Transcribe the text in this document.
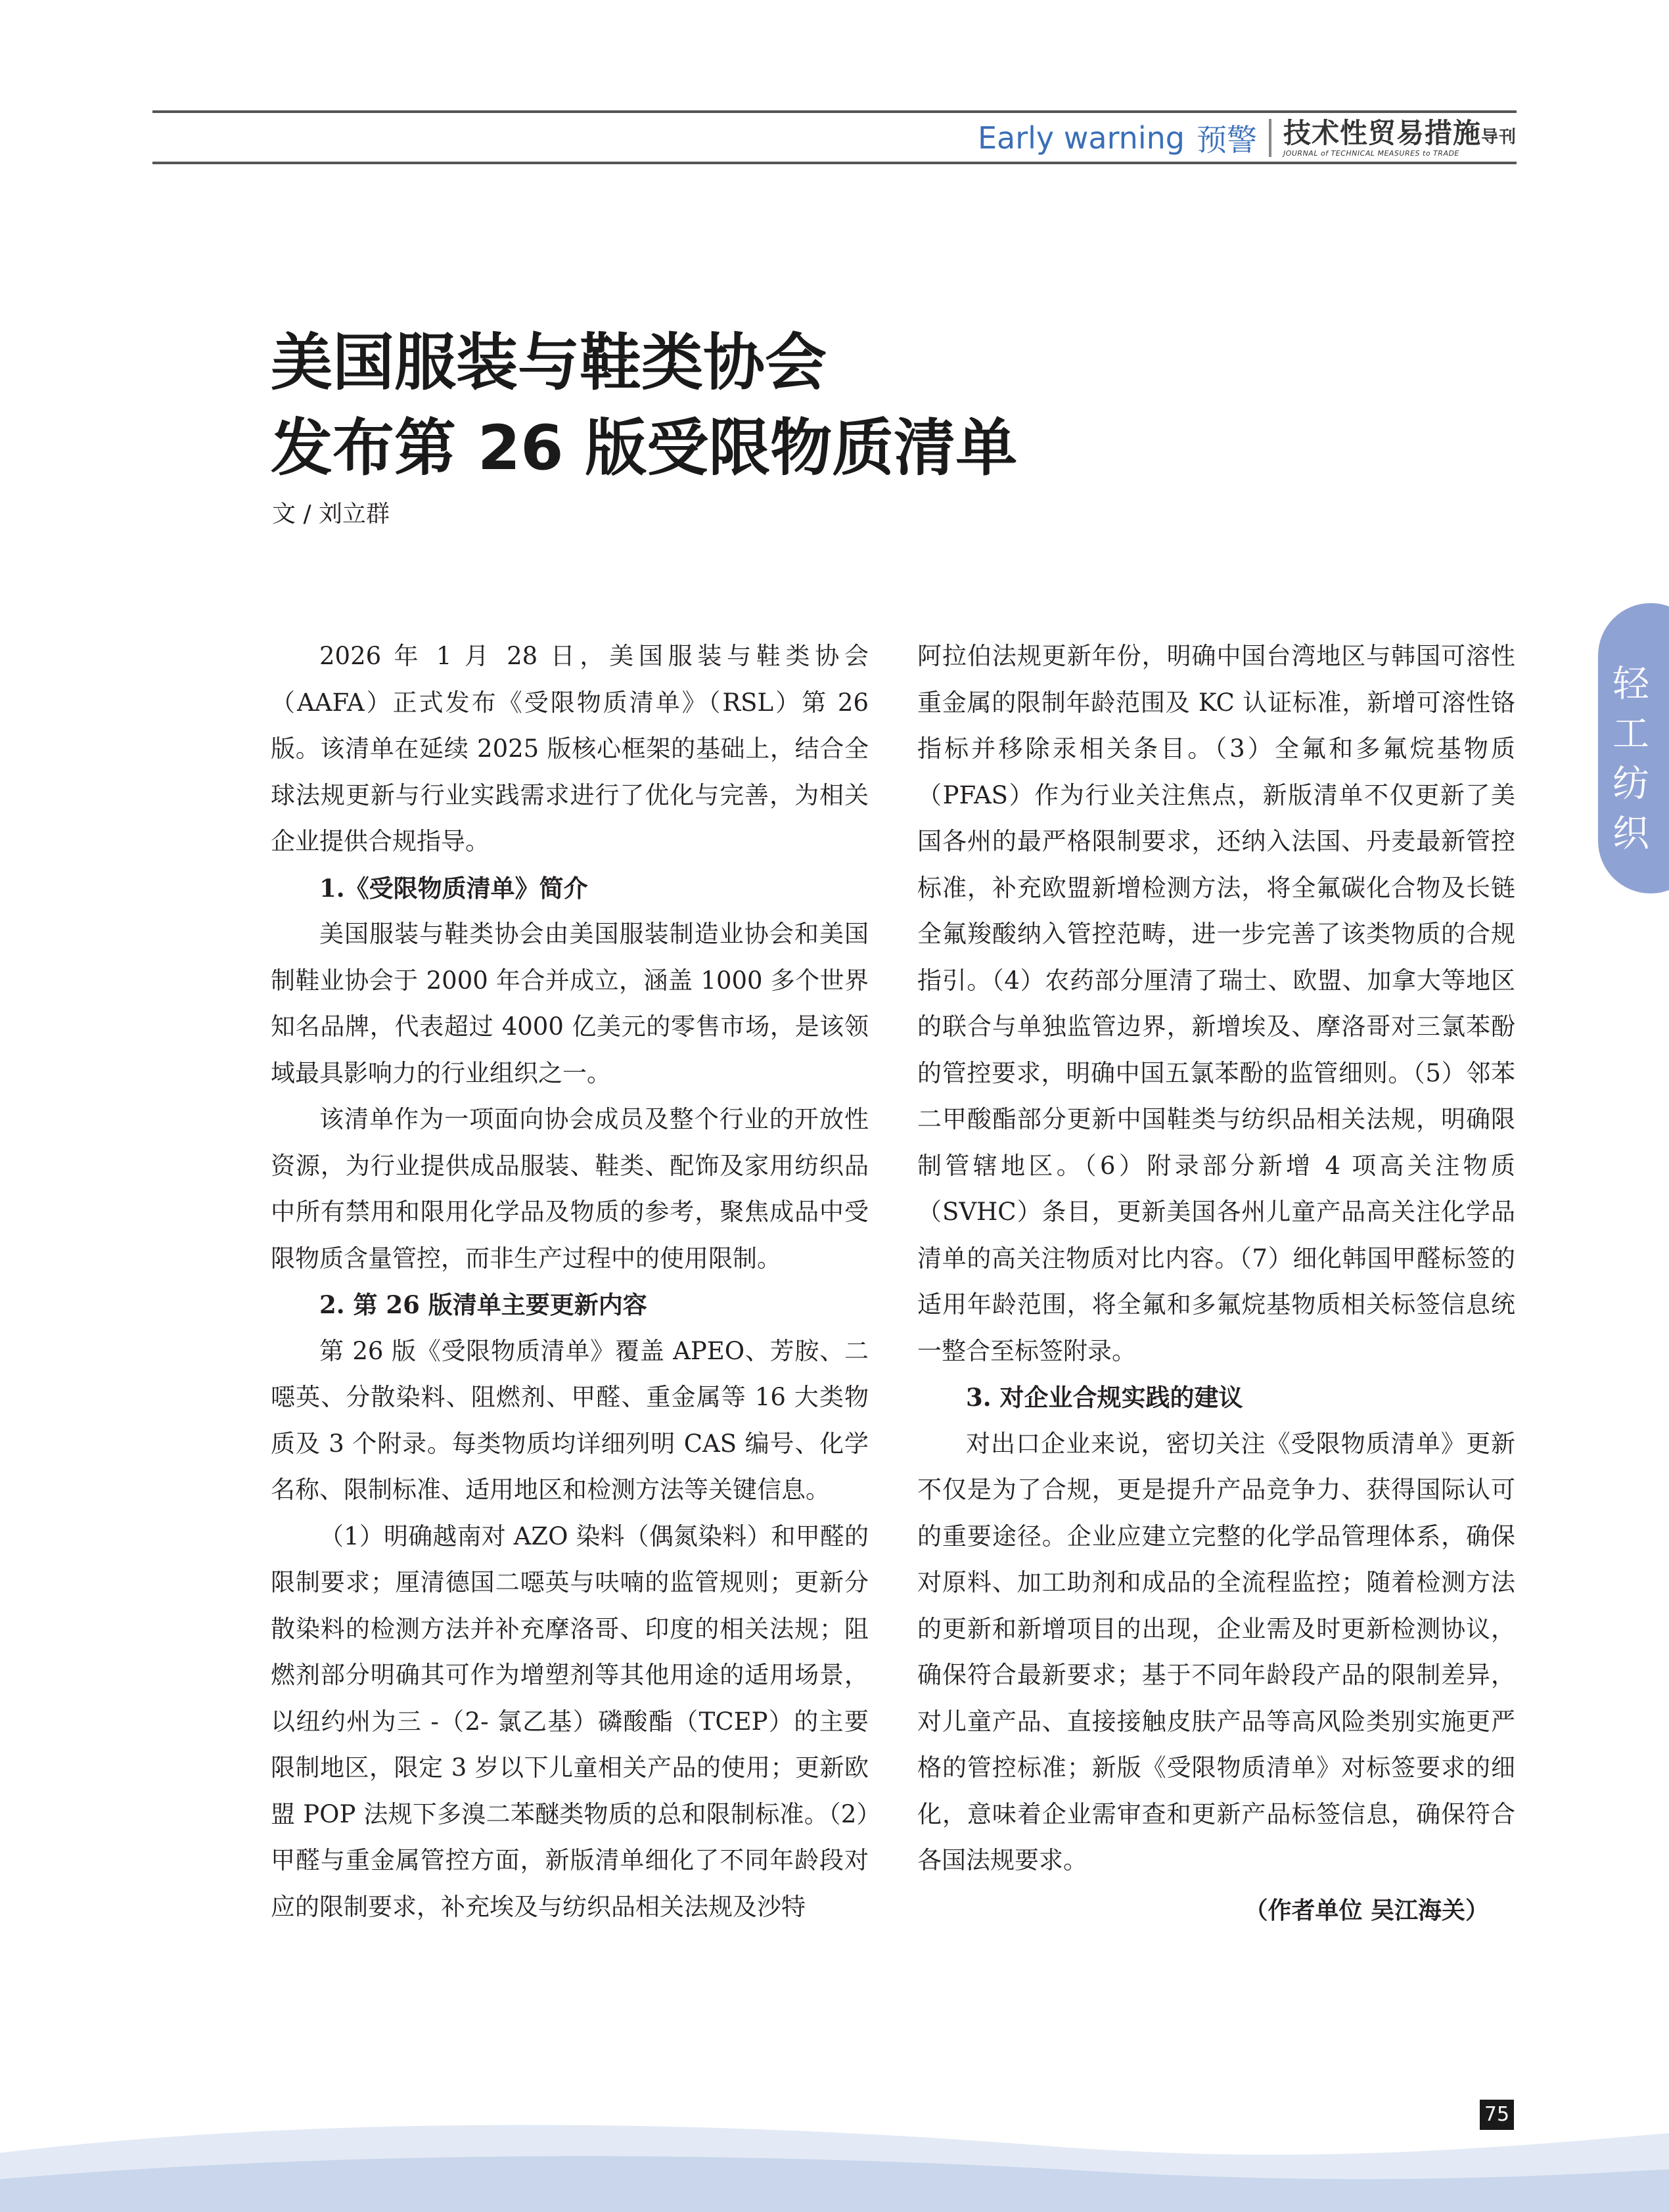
Early warning 预警 技术性贸易措施导刊
JOURNAL of TECHNICAL MEASURES to TRADE
美国服装与鞋类协会
发布第 26 版受限物质清单
文 / 刘立群
轻
工
纺
织

2026 年 1 月 28 日，美国服装与鞋类协会（AAFA）正式发布《受限物质清单》（RSL）第 26 版。该清单在延续 2025 版核心框架的基础上，结合全球法规更新与行业实践需求进行了优化与完善，为相关企业提供合规指导。

1.《受限物质清单》简介

美国服装与鞋类协会由美国服装制造业协会和美国制鞋业协会于 2000 年合并成立，涵盖 1000 多个世界知名品牌，代表超过 4000 亿美元的零售市场，是该领域最具影响力的行业组织之一。

该清单作为一项面向协会成员及整个行业的开放性资源，为行业提供成品服装、鞋类、配饰及家用纺织品中所有禁用和限用化学品及物质的参考，聚焦成品中受限物质含量管控，而非生产过程中的使用限制。

2. 第 26 版清单主要更新内容

第 26 版《受限物质清单》覆盖 APEO、芳胺、二噁英、分散染料、阻燃剂、甲醛、重金属等 16 大类物质及 3 个附录。每类物质均详细列明 CAS 编号、化学名称、限制标准、适用地区和检测方法等关键信息。

（1）明确越南对 AZO 染料（偶氮染料）和甲醛的限制要求；厘清德国二噁英与呋喃的监管规则；更新分散染料的检测方法并补充摩洛哥、印度的相关法规；阻燃剂部分明确其可作为增塑剂等其他用途的适用场景，以纽约州为三 -（2- 氯乙基）磷酸酯（TCEP）的主要限制地区，限定 3 岁以下儿童相关产品的使用；更新欧盟 POP 法规下多溴二苯醚类物质的总和限制标准。（2）甲醛与重金属管控方面，新版清单细化了不同年龄段对应的限制要求，补充埃及与纺织品相关法规及沙特

阿拉伯法规更新年份，明确中国台湾地区与韩国可溶性重金属的限制年龄范围及 KC 认证标准，新增可溶性铬指标并移除汞相关条目。（3）全氟和多氟烷基物质（PFAS）作为行业关注焦点，新版清单不仅更新了美国各州的最严格限制要求，还纳入法国、丹麦最新管控标准，补充欧盟新增检测方法，将全氟碳化合物及长链全氟羧酸纳入管控范畴，进一步完善了该类物质的合规指引。（4）农药部分厘清了瑞士、欧盟、加拿大等地区的联合与单独监管边界，新增埃及、摩洛哥对三氯苯酚的管控要求，明确中国五氯苯酚的监管细则。（5）邻苯二甲酸酯部分更新中国鞋类与纺织品相关法规，明确限制管辖地区。（6）附录部分新增 4 项高关注物质（SVHC）条目，更新美国各州儿童产品高关注化学品清单的高关注物质对比内容。（7）细化韩国甲醛标签的适用年龄范围，将全氟和多氟烷基物质相关标签信息统一整合至标签附录。

3. 对企业合规实践的建议

对出口企业来说，密切关注《受限物质清单》更新不仅是为了合规，更是提升产品竞争力、获得国际认可的重要途径。企业应建立完整的化学品管理体系，确保对原料、加工助剂和成品的全流程监控；随着检测方法的更新和新增项目的出现，企业需及时更新检测协议，确保符合最新要求；基于不同年龄段产品的限制差异，对儿童产品、直接接触皮肤产品等高风险类别实施更严格的管控标准；新版《受限物质清单》对标签要求的细化，意味着企业需审查和更新产品标签信息，确保符合各国法规要求。

（作者单位 吴江海关）
75
